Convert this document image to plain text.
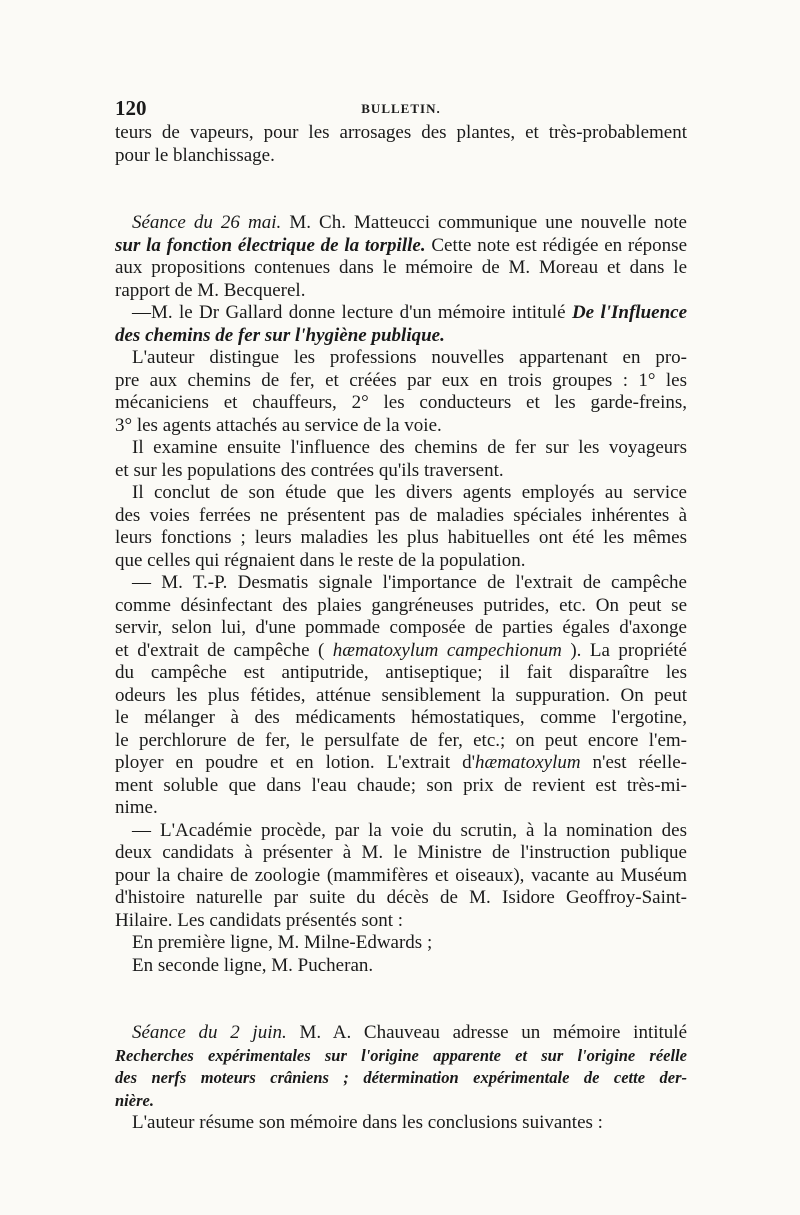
120	BULLETIN.
teurs de vapeurs, pour les arrosages des plantes, et très-probablement
pour le blanchissage.
Séance du 26 mai. M. Ch. Matteucci communique une nouvelle note
sur la fonction électrique de la torpille. Cette note est rédigée en réponse
aux propositions contenues dans le mémoire de M. Moreau et dans le
rapport de M. Becquerel.
—M. le Dr Gallard donne lecture d'un mémoire intitulé De l'Influence
des chemins de fer sur l'hygiène publique.
L'auteur distingue les professions nouvelles appartenant en pro-
pre aux chemins de fer, et créées par eux en trois groupes : 1° les
mécaniciens et chauffeurs, 2° les conducteurs et les garde-freins,
3° les agents attachés au service de la voie.
Il examine ensuite l'influence des chemins de fer sur les voyageurs
et sur les populations des contrées qu'ils traversent.
Il conclut de son étude que les divers agents employés au service
des voies ferrées ne présentent pas de maladies spéciales inhérentes à
leurs fonctions ; leurs maladies les plus habituelles ont été les mêmes
que celles qui régnaient dans le reste de la population.
— M. T.-P. Desmatis signale l'importance de l'extrait de campêche
comme désinfectant des plaies gangréneuses putrides, etc. On peut se
servir, selon lui, d'une pommade composée de parties égales d'axonge
et d'extrait de campêche ( hæmatoxylum campechionum ). La propriété
du campêche est antiputride, antiseptique; il fait disparaître les
odeurs les plus fétides, atténue sensiblement la suppuration. On peut
le mélanger à des médicaments hémostatiques, comme l'ergotine,
le perchlorure de fer, le persulfate de fer, etc.; on peut encore l'em-
ployer en poudre et en lotion. L'extrait d'hæmatoxylum n'est réelle-
ment soluble que dans l'eau chaude; son prix de revient est très-mi-
nime.
— L'Académie procède, par la voie du scrutin, à la nomination des
deux candidats à présenter à M. le Ministre de l'instruction publique
pour la chaire de zoologie (mammifères et oiseaux), vacante au Muséum
d'histoire naturelle par suite du décès de M. Isidore Geoffroy-Saint-
Hilaire. Les candidats présentés sont :
En première ligne, M. Milne-Edwards ;
En seconde ligne, M. Pucheran.
Séance du 2 juin. M. A. Chauveau adresse un mémoire intitulé
Recherches expérimentales sur l'origine apparente et sur l'origine réelle
des nerfs moteurs crâniens ; détermination expérimentale de cette der-
nière.
L'auteur résume son mémoire dans les conclusions suivantes :
